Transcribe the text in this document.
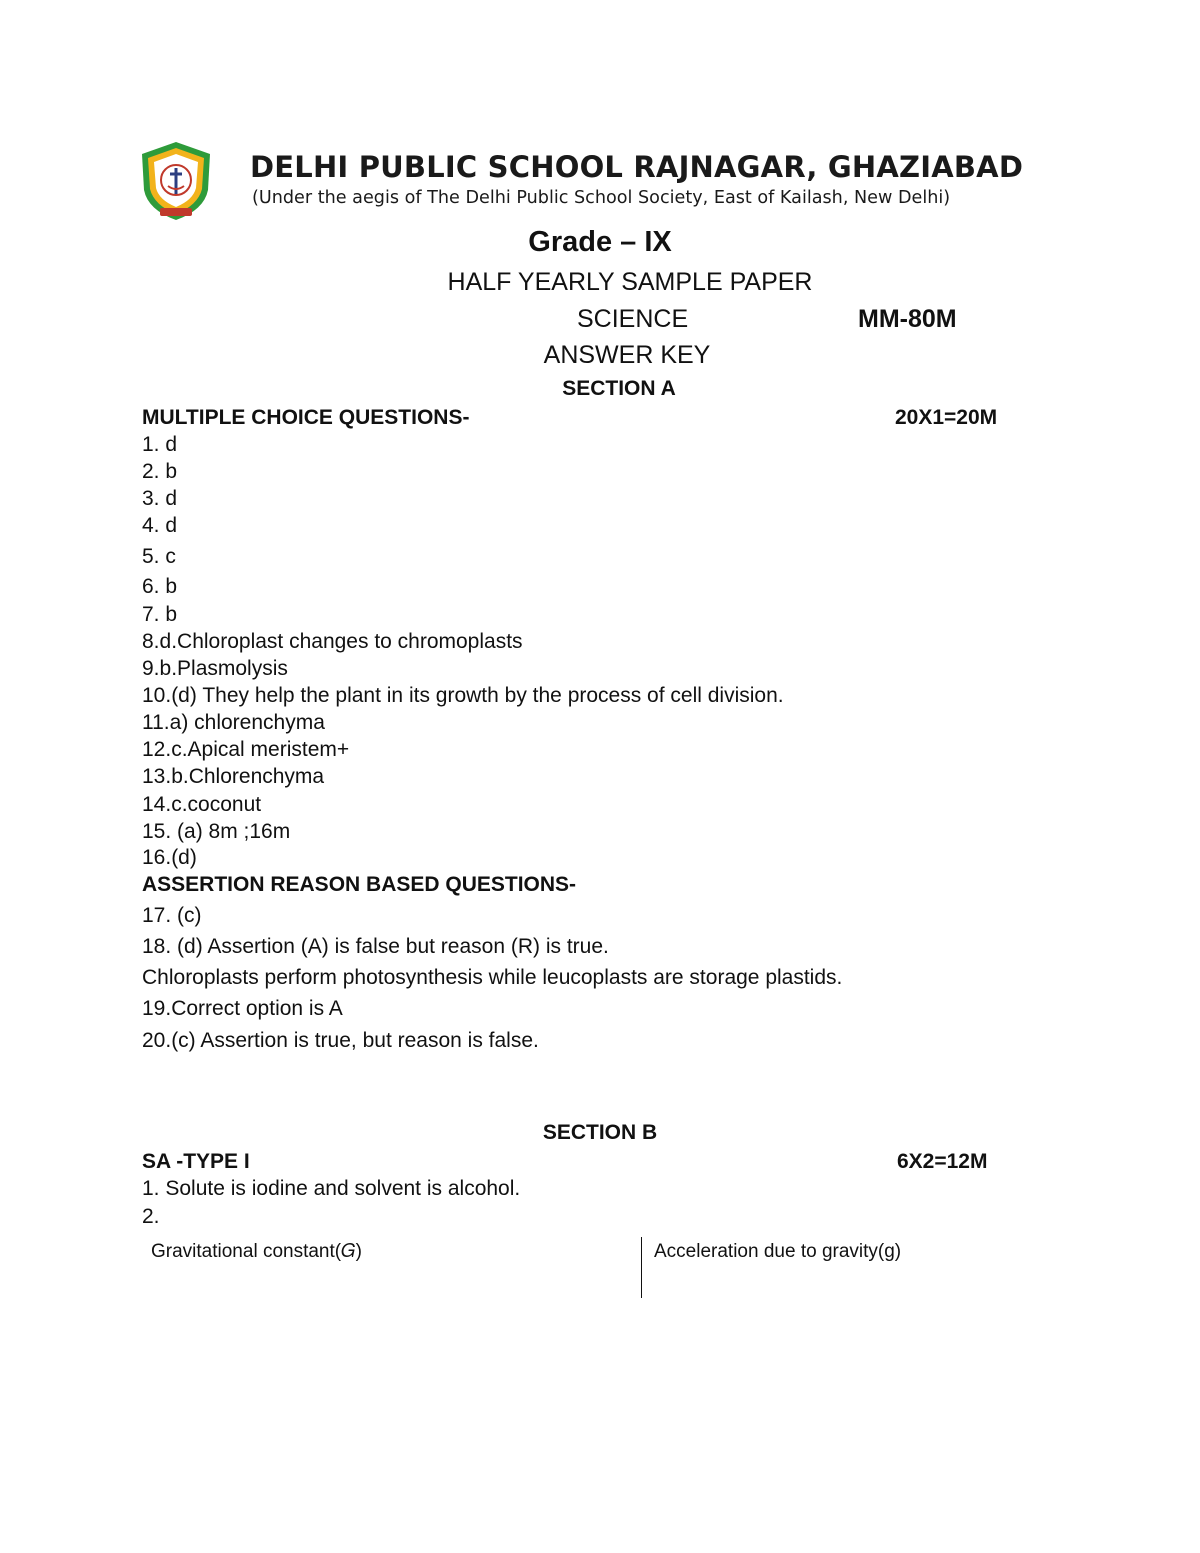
DELHI PUBLIC SCHOOL RAJNAGAR, GHAZIABAD
(Under the aegis of The Delhi Public School Society, East of Kailash, New Delhi)
Grade – IX
HALF YEARLY SAMPLE PAPER
SCIENCE	MM-80M
ANSWER KEY
SECTION A
MULTIPLE CHOICE QUESTIONS-	20X1=20M
1. d
2. b
3. d
4. d
5. c
6. b
7. b
8.d.Chloroplast changes to chromoplasts
9.b.Plasmolysis
10.(d) They help the plant in its growth by the process of cell division.
11.a) chlorenchyma
12.c.Apical meristem+
13.b.Chlorenchyma
14.c.coconut
15. (a) 8m ;16m
16.(d)
ASSERTION REASON BASED QUESTIONS-
17. (c)
18. (d) Assertion (A) is false but reason (R) is true.
Chloroplasts perform photosynthesis while leucoplasts are storage plastids.
19.Correct option is A
20.(c) Assertion is true, but reason is false.
SECTION B
SA -TYPE I	6X2=12M
1. Solute is iodine and solvent is alcohol.
2.
Gravitational constant(𝐺)	Acceleration due to gravity(g)
